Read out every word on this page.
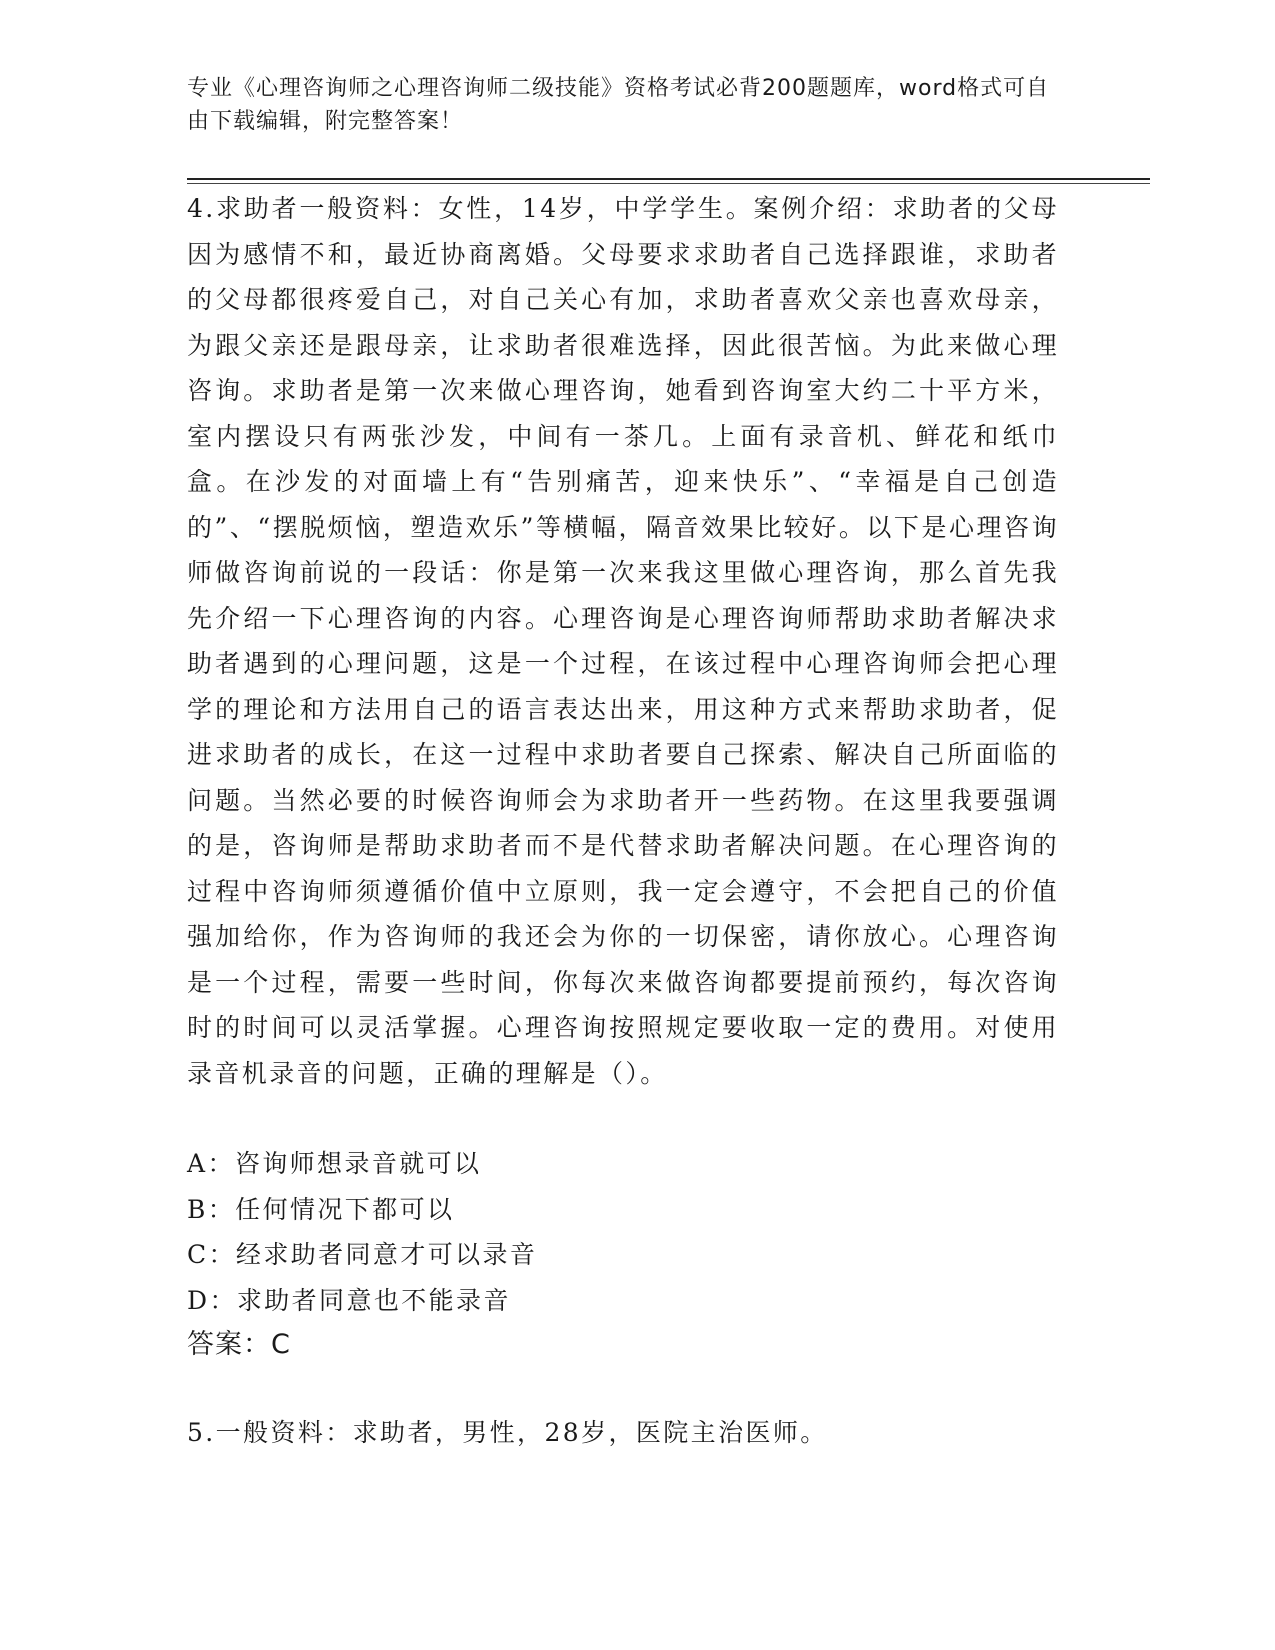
专业《心理咨询师之心理咨询师二级技能》资格考试必背200题题库，word格式可自由下载编辑，附完整答案！
4.求助者一般资料：女性，14岁，中学学生。案例介绍：求助者的父母因为感情不和，最近协商离婚。父母要求求助者自己选择跟谁，求助者的父母都很疼爱自己，对自己关心有加，求助者喜欢父亲也喜欢母亲，为跟父亲还是跟母亲，让求助者很难选择，因此很苦恼。为此来做心理咨询。求助者是第一次来做心理咨询，她看到咨询室大约二十平方米，室内摆设只有两张沙发，中间有一茶几。上面有录音机、鲜花和纸巾盒。在沙发的对面墙上有“告别痛苦，迎来快乐”、“幸福是自己创造的”、“摆脱烦恼，塑造欢乐”等横幅，隔音效果比较好。以下是心理咨询师做咨询前说的一段话：你是第一次来我这里做心理咨询，那么首先我先介绍一下心理咨询的内容。心理咨询是心理咨询师帮助求助者解决求助者遇到的心理问题，这是一个过程，在该过程中心理咨询师会把心理学的理论和方法用自己的语言表达出来，用这种方式来帮助求助者，促进求助者的成长，在这一过程中求助者要自己探索、解决自己所面临的问题。当然必要的时候咨询师会为求助者开一些药物。在这里我要强调的是，咨询师是帮助求助者而不是代替求助者解决问题。在心理咨询的过程中咨询师须遵循价值中立原则，我一定会遵守，不会把自己的价值强加给你，作为咨询师的我还会为你的一切保密，请你放心。心理咨询是一个过程，需要一些时间，你每次来做咨询都要提前预约，每次咨询时的时间可以灵活掌握。心理咨询按照规定要收取一定的费用。对使用录音机录音的问题，正确的理解是（）。
A：咨询师想录音就可以
B：任何情况下都可以
C：经求助者同意才可以录音
D：求助者同意也不能录音
答案：C
5.一般资料：求助者，男性，28岁，医院主治医师。
